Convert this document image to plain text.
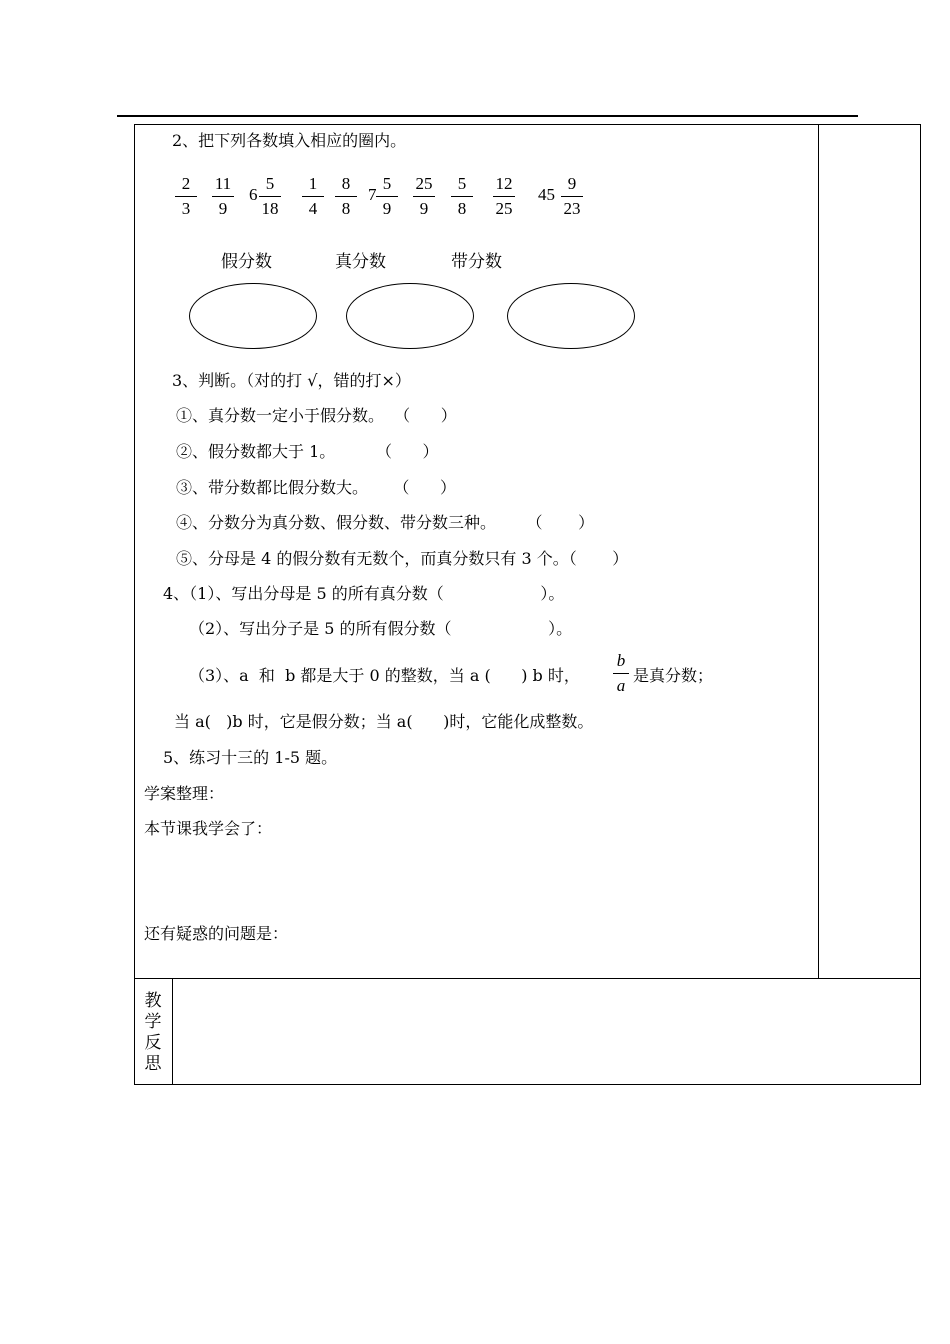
2、把下列各数填入相应的圈内。
2
3
11
9
6
5
18
1
4
8
8
7
5
9
25
9
5
8
12
25
45
9
23
假分数	真分数	带分数
3、判断。（对的打 √，错的打×）
①、真分数一定小于假分数。  （      ）
②、假分数都大于 1。        （      ）
③、带分数都比假分数大。     （      ）
④、分数分为真分数、假分数、带分数三种。      （       ）
⑤、分母是 4 的假分数有无数个，而真分数只有 3 个。（       ）
4、（1）、写出分母是 5 的所有真分数（                   ）。
（2）、写出分子是 5 的所有假分数（                   ）。
（3）、a  和  b 都是大于 0 的整数，当 a (      ) b 时，
b
a
是真分数；
当 a(   )b 时，它是假分数；当 a(      )时，它能化成整数。
5、练习十三的 1-5 题。
学案整理：
本节课我学会了：
还有疑惑的问题是：
教
学
反
思
